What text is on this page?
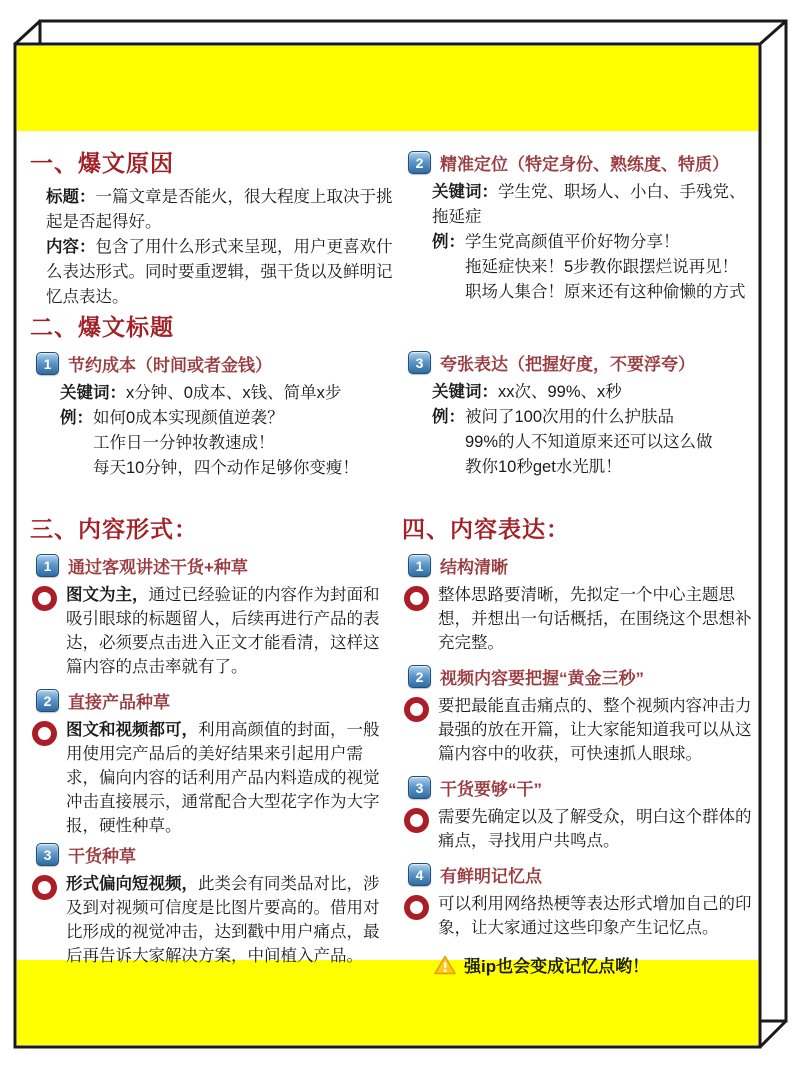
一、爆文原因

标题：一篇文章是否能火，很大程度上取决于挑起是否起得好。

内容：包含了用什么形式来呈现，用户更喜欢什么表达形式。同时要重逻辑，强干货以及鲜明记忆点表达。

二、爆文标题
1 节约成本（时间或者金钱）

关键词：x分钟、0成本、x钱、简单x步

例： 如何0成本实现颜值逆袭？
工作日一分钟妆教速成！
每天10分钟，四个动作足够你变瘦！
三、内容形式：
1 通过客观讲述干货+种草
图文为主，通过已经验证的内容作为封面和吸引眼球的标题留人，后续再进行产品的表达，必须要点击进入正文才能看清，这样这篇内容的点击率就有了。
2 直接产品种草
图文和视频都可，利用高颜值的封面，一般用使用完产品后的美好结果来引起用户需求，偏向内容的话利用产品内料造成的视觉冲击直接展示，通常配合大型花字作为大字报，硬性种草。
3 干货种草
形式偏向短视频，此类会有同类品对比，涉及到对视频可信度是比图片要高的。借用对比形成的视觉冲击，达到戳中用户痛点，最后再告诉大家解决方案，中间植入产品。
2 精准定位（特定身份、熟练度、特质）

关键词：学生党、职场人、小白、手残党、拖延症

例： 学生党高颜值平价好物分享！
拖延症快来！5步教你跟摆烂说再见！
职场人集合！原来还有这种偷懒的方式
3 夸张表达（把握好度，不要浮夸）

关键词：xx次、99%、x秒

例： 被问了100次用的什么护肤品
99%的人不知道原来还可以这么做
教你10秒get水光肌！
四、内容表达：
1 结构清晰
整体思路要清晰，先拟定一个中心主题思想，并想出一句话概括，在围绕这个思想补充完整。
2 视频内容要把握“黄金三秒”
要把最能直击痛点的、整个视频内容冲击力最强的放在开篇，让大家能知道我可以从这篇内容中的收获，可快速抓人眼球。
3 干货要够“干”
需要先确定以及了解受众，明白这个群体的痛点，寻找用户共鸣点。
4 有鲜明记忆点
可以利用网络热梗等表达形式增加自己的印象，让大家通过这些印象产生记忆点。
强ip也会变成记忆点哟！
